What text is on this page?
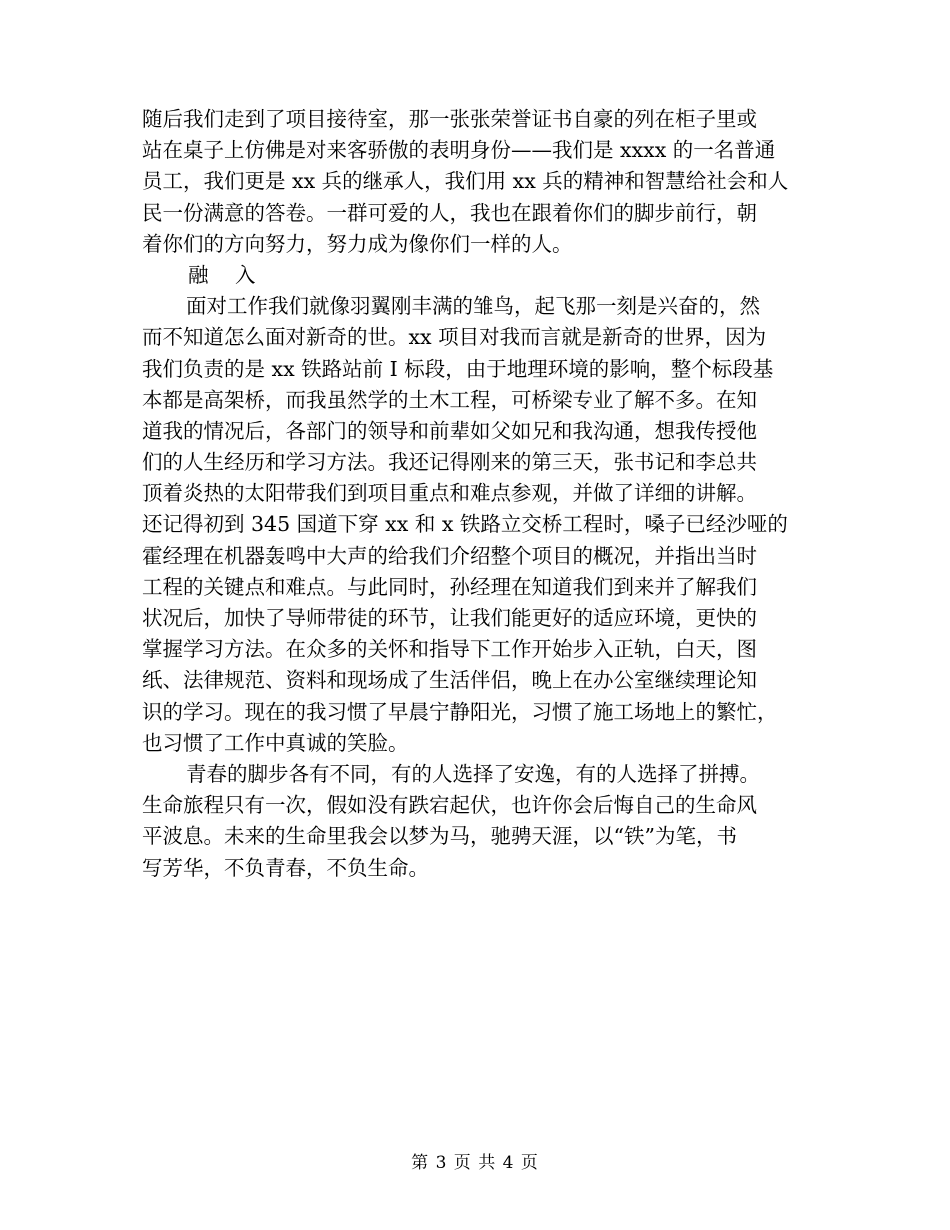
随后我们走到了项目接待室，那一张张荣誉证书自豪的列在柜子里或
站在桌子上仿佛是对来客骄傲的表明身份——我们是 xxxx 的一名普通
员工，我们更是 xx 兵的继承人，我们用 xx 兵的精神和智慧给社会和人
民一份满意的答卷。一群可爱的人，我也在跟着你们的脚步前行，朝
着你们的方向努力，努力成为像你们一样的人。
融 入
面对工作我们就像羽翼刚丰满的雏鸟，起飞那一刻是兴奋的，然
而不知道怎么面对新奇的世。xx 项目对我而言就是新奇的世界，因为
我们负责的是 xx 铁路站前 I 标段，由于地理环境的影响，整个标段基
本都是高架桥，而我虽然学的土木工程，可桥梁专业了解不多。在知
道我的情况后，各部门的领导和前辈如父如兄和我沟通，想我传授他
们的人生经历和学习方法。我还记得刚来的第三天，张书记和李总共
顶着炎热的太阳带我们到项目重点和难点参观，并做了详细的讲解。
还记得初到 345 国道下穿 xx 和 x 铁路立交桥工程时，嗓子已经沙哑的
霍经理在机器轰鸣中大声的给我们介绍整个项目的概况，并指出当时
工程的关键点和难点。与此同时，孙经理在知道我们到来并了解我们
状况后，加快了导师带徒的环节，让我们能更好的适应环境，更快的
掌握学习方法。在众多的关怀和指导下工作开始步入正轨，白天，图
纸、法律规范、资料和现场成了生活伴侣，晚上在办公室继续理论知
识的学习。现在的我习惯了早晨宁静阳光，习惯了施工场地上的繁忙，
也习惯了工作中真诚的笑脸。
青春的脚步各有不同，有的人选择了安逸，有的人选择了拼搏。
生命旅程只有一次，假如没有跌宕起伏，也许你会后悔自己的生命风
平波息。未来的生命里我会以梦为马，驰骋天涯，以“铁”为笔，书
写芳华，不负青春，不负生命。
第 3 页 共 4 页
